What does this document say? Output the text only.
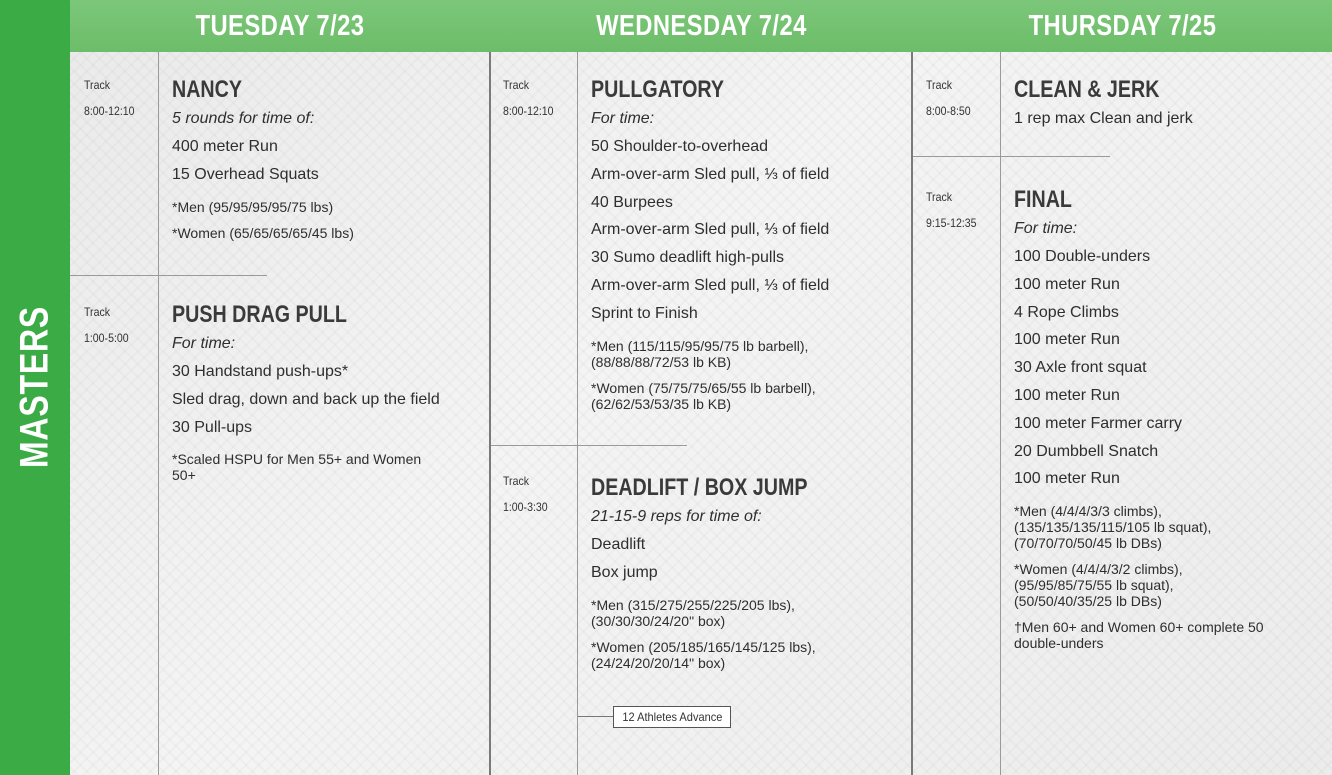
MASTERS
TUESDAY 7/23	WEDNESDAY 7/24	THURSDAY 7/25
Track
8:00-12:10
NANCY
5 rounds for time of:
400 meter Run
15 Overhead Squats
*Men (95/95/95/95/75 lbs)
*Women (65/65/65/65/45 lbs)
Track
1:00-5:00
PUSH DRAG PULL
For time:
30 Handstand push-ups*
Sled drag, down and back up the field
30 Pull-ups
*Scaled HSPU for Men 55+ and Women 50+
Track
8:00-12:10
PULLGATORY
For time:
50 Shoulder-to-overhead
Arm-over-arm Sled pull, ⅓ of field
40 Burpees
Arm-over-arm Sled pull, ⅓ of field
30 Sumo deadlift high-pulls
Arm-over-arm Sled pull, ⅓ of field
Sprint to Finish
*Men (115/115/95/95/75 lb barbell), (88/88/88/72/53 lb KB)
*Women (75/75/75/65/55 lb barbell), (62/62/53/53/35 lb KB)
Track
1:00-3:30
DEADLIFT / BOX JUMP
21-15-9 reps for time of:
Deadlift
Box jump
*Men (315/275/255/225/205 lbs), (30/30/30/24/20" box)
*Women (205/185/165/145/125 lbs), (24/24/20/20/14" box)
12 Athletes Advance
Track
8:00-8:50
CLEAN & JERK
1 rep max Clean and jerk
Track
9:15-12:35
FINAL
For time:
100 Double-unders
100 meter Run
4 Rope Climbs
100 meter Run
30 Axle front squat
100 meter Run
100 meter Farmer carry
20 Dumbbell Snatch
100 meter Run
*Men (4/4/4/3/3 climbs), (135/135/135/115/105 lb squat), (70/70/70/50/45 lb DBs)
*Women (4/4/4/3/2 climbs), (95/95/85/75/55 lb squat), (50/50/40/35/25 lb DBs)
†Men 60+ and Women 60+ complete 50 double-unders
